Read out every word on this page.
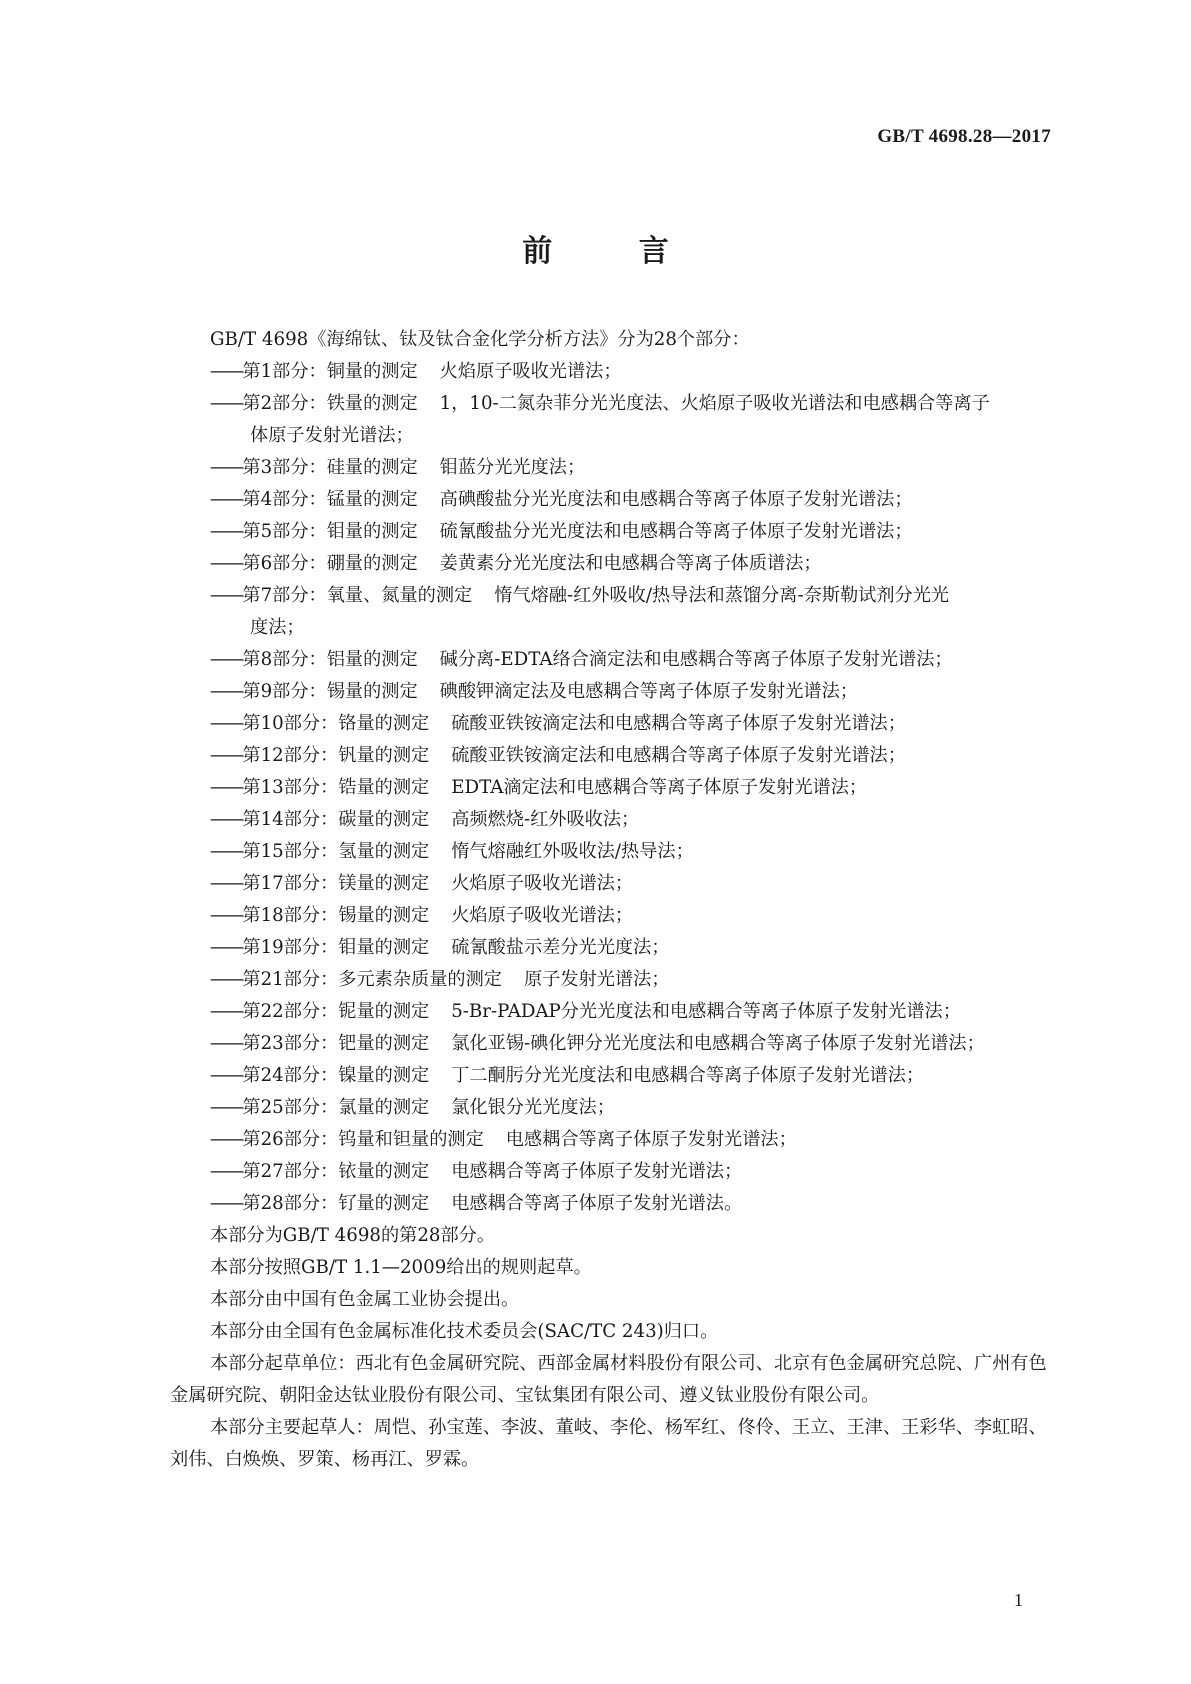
GB/T 4698.28—2017
前 言

GB/T 4698《海绵钛、钛及钛合金化学分析方法》分为28个部分：

——第1部分：铜量的测定 火焰原子吸收光谱法；
——第2部分：铁量的测定 1，10-二氮杂菲分光光度法、火焰原子吸收光谱法和电感耦合等离子
体原子发射光谱法；
——第3部分：硅量的测定 钼蓝分光光度法；
——第4部分：锰量的测定 高碘酸盐分光光度法和电感耦合等离子体原子发射光谱法；
——第5部分：钼量的测定 硫氰酸盐分光光度法和电感耦合等离子体原子发射光谱法；
——第6部分：硼量的测定 姜黄素分光光度法和电感耦合等离子体质谱法；
——第7部分：氧量、氮量的测定 惰气熔融-红外吸收/热导法和蒸馏分离-奈斯勒试剂分光光
度法；
——第8部分：铝量的测定 碱分离-EDTA络合滴定法和电感耦合等离子体原子发射光谱法；
——第9部分：锡量的测定 碘酸钾滴定法及电感耦合等离子体原子发射光谱法；
——第10部分：铬量的测定 硫酸亚铁铵滴定法和电感耦合等离子体原子发射光谱法；
——第12部分：钒量的测定 硫酸亚铁铵滴定法和电感耦合等离子体原子发射光谱法；
——第13部分：锆量的测定 EDTA滴定法和电感耦合等离子体原子发射光谱法；
——第14部分：碳量的测定 高频燃烧-红外吸收法；
——第15部分：氢量的测定 惰气熔融红外吸收法/热导法；
——第17部分：镁量的测定 火焰原子吸收光谱法；
——第18部分：锡量的测定 火焰原子吸收光谱法；
——第19部分：钼量的测定 硫氰酸盐示差分光光度法；
——第21部分：多元素杂质量的测定 原子发射光谱法；
——第22部分：铌量的测定 5-Br-PADAP分光光度法和电感耦合等离子体原子发射光谱法；
——第23部分：钯量的测定 氯化亚锡-碘化钾分光光度法和电感耦合等离子体原子发射光谱法；
——第24部分：镍量的测定 丁二酮肟分光光度法和电感耦合等离子体原子发射光谱法；
——第25部分：氯量的测定 氯化银分光光度法；
——第26部分：钨量和钽量的测定 电感耦合等离子体原子发射光谱法；
——第27部分：铱量的测定 电感耦合等离子体原子发射光谱法；
——第28部分：钌量的测定 电感耦合等离子体原子发射光谱法。

本部分为GB/T 4698的第28部分。

本部分按照GB/T 1.1—2009给出的规则起草。

本部分由中国有色金属工业协会提出。

本部分由全国有色金属标准化技术委员会(SAC/TC 243)归口。

本部分起草单位：西北有色金属研究院、西部金属材料股份有限公司、北京有色金属研究总院、广州有色金属研究院、朝阳金达钛业股份有限公司、宝钛集团有限公司、遵义钛业股份有限公司。

本部分主要起草人：周恺、孙宝莲、李波、董岐、李伦、杨军红、佟伶、王立、王津、王彩华、李虹昭、刘伟、白焕焕、罗策、杨再江、罗霖。

1
